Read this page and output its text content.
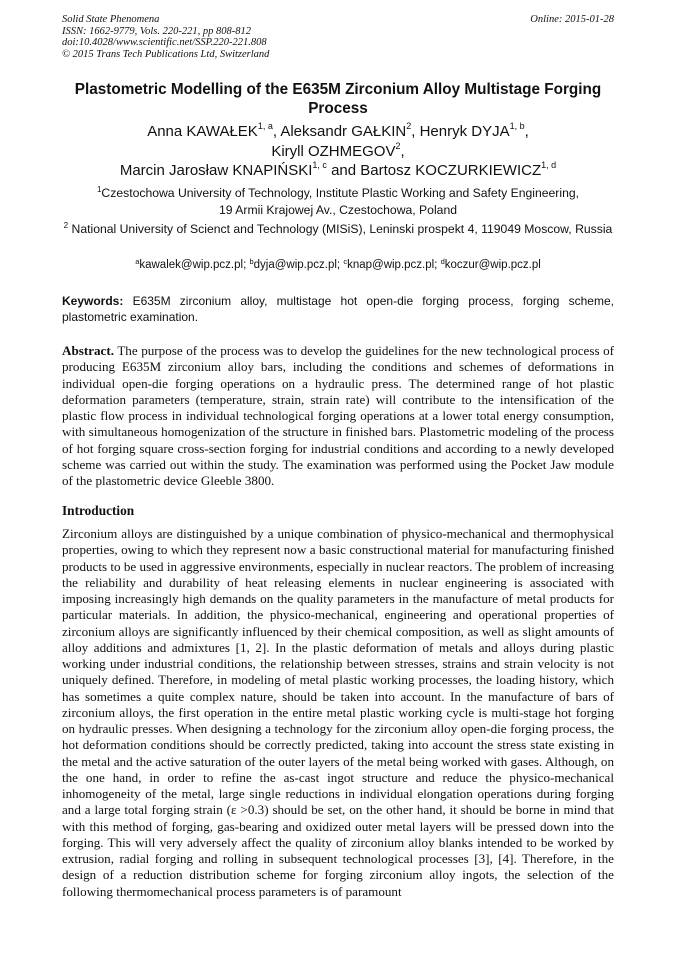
Solid State Phenomena
ISSN: 1662-9779, Vols. 220-221, pp 808-812
doi:10.4028/www.scientific.net/SSP.220-221.808
© 2015 Trans Tech Publications Ltd, Switzerland
Online: 2015-01-28
Plastometric Modelling of the E635M Zirconium Alloy Multistage Forging Process
Anna KAWAŁEK$^{1, a}$, Aleksandr GAŁKIN$^2$, Henryk DYJA$^{1, b}$,
Kiryll OZHMEGOV$^2$,
Marcin Jarosław KNAPIŃSKI$^{1, c}$ and Bartosz KOCZURKIEWICZ$^{1, d}$
$^1$Czestochowa University of Technology, Institute Plastic Working and Safety Engineering,
19 Armii Krajowej Av., Czestochowa, Poland
$^2$ National University of Scienct and Technology (MISiS), Leninski prospekt 4, 119049 Moscow, Russia
$^a$kawalek@wip.pcz.pl; $^b$dyja@wip.pcz.pl; $^c$knap@wip.pcz.pl; $^d$koczur@wip.pcz.pl
Keywords: E635M zirconium alloy, multistage hot open-die forging process, forging scheme, plastometric examination.
Abstract. The purpose of the process was to develop the guidelines for the new technological process of producing E635M zirconium alloy bars, including the conditions and schemes of deformations in individual open-die forging operations on a hydraulic press. The determined range of hot plastic deformation parameters (temperature, strain, strain rate) will contribute to the intensification of the plastic flow process in individual technological forging operations at a lower total energy consumption, with simultaneous homogenization of the structure in finished bars. Plastometric modeling of the process of hot forging square cross-section forging for industrial conditions and according to a newly developed scheme was carried out within the study. The examination was performed using the Pocket Jaw module of the plastometric device Gleeble 3800.
Introduction
Zirconium alloys are distinguished by a unique combination of physico-mechanical and thermophysical properties, owing to which they represent now a basic constructional material for manufacturing finished products to be used in aggressive environments, especially in nuclear reactors. The problem of increasing the reliability and durability of heat releasing elements in nuclear engineering is associated with imposing increasingly high demands on the quality parameters in the manufacture of metal products for particular materials. In addition, the physico-mechanical, engineering and operational properties of zirconium alloys are significantly influenced by their chemical composition, as well as slight amounts of alloy additions and admixtures [1, 2]. In the plastic deformation of metals and alloys during plastic working under industrial conditions, the relationship between stresses, strains and strain velocity is not uniquely defined. Therefore, in modeling of metal plastic working processes, the loading history, which has sometimes a quite complex nature, should be taken into account. In the manufacture of bars of zirconium alloys, the first operation in the entire metal plastic working cycle is multi-stage hot forging on hydraulic presses. When designing a technology for the zirconium alloy open-die forging process, the hot deformation conditions should be correctly predicted, taking into account the stress state existing in the metal and the active saturation of the outer layers of the metal being worked with gases. Although, on the one hand, in order to refine the as-cast ingot structure and reduce the physico-mechanical inhomogeneity of the metal, large single reductions in individual elongation operations during forging and a large total forging strain (ε >0.3) should be set, on the other hand, it should be borne in mind that with this method of forging, gas-bearing and oxidized outer metal layers will be pressed down into the forging. This will very adversely affect the quality of zirconium alloy blanks intended to be worked by extrusion, radial forging and rolling in subsequent technological processes [3], [4]. Therefore, in the design of a reduction distribution scheme for forging zirconium alloy ingots, the selection of the following thermomechanical process parameters is of paramount
